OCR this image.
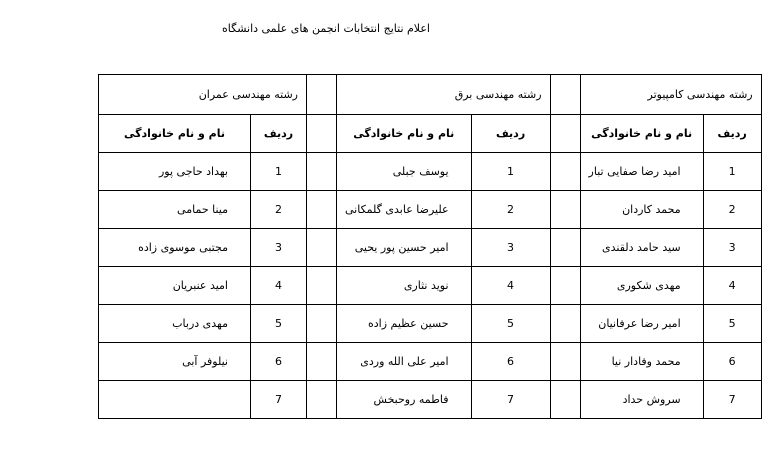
اعلام نتایج انتخابات انجمن های علمی دانشگاه
رشته مهندسی عمران			رشته مهندسی برق			رشته مهندسی کامپیوتر	
نام و نام خانوادگی	ردیف		نام و نام خانوادگی	ردیف		نام و نام خانوادگی	ردیف
بهداد حاجی پور	1		یوسف جبلی	1		امید رضا صفایی تبار	1
مینا حمامی	2		علیرضا عابدی گلمکانی	2		محمد کاردان	2
مجتبی موسوی زاده	3		امیر حسین پور یحیی	3		سید حامد دلقندی	3
امید عنبریان	4		نوید نثاری	4		مهدی شکوری	4
مهدی درباب	5		حسین عظیم زاده	5		امیر رضا عرفانیان	5
نیلوفر آبی	6		امیر علی الله وردی	6		محمد وفادار نیا	6
	7		فاطمه روحبخش	7		سروش حداد	7
